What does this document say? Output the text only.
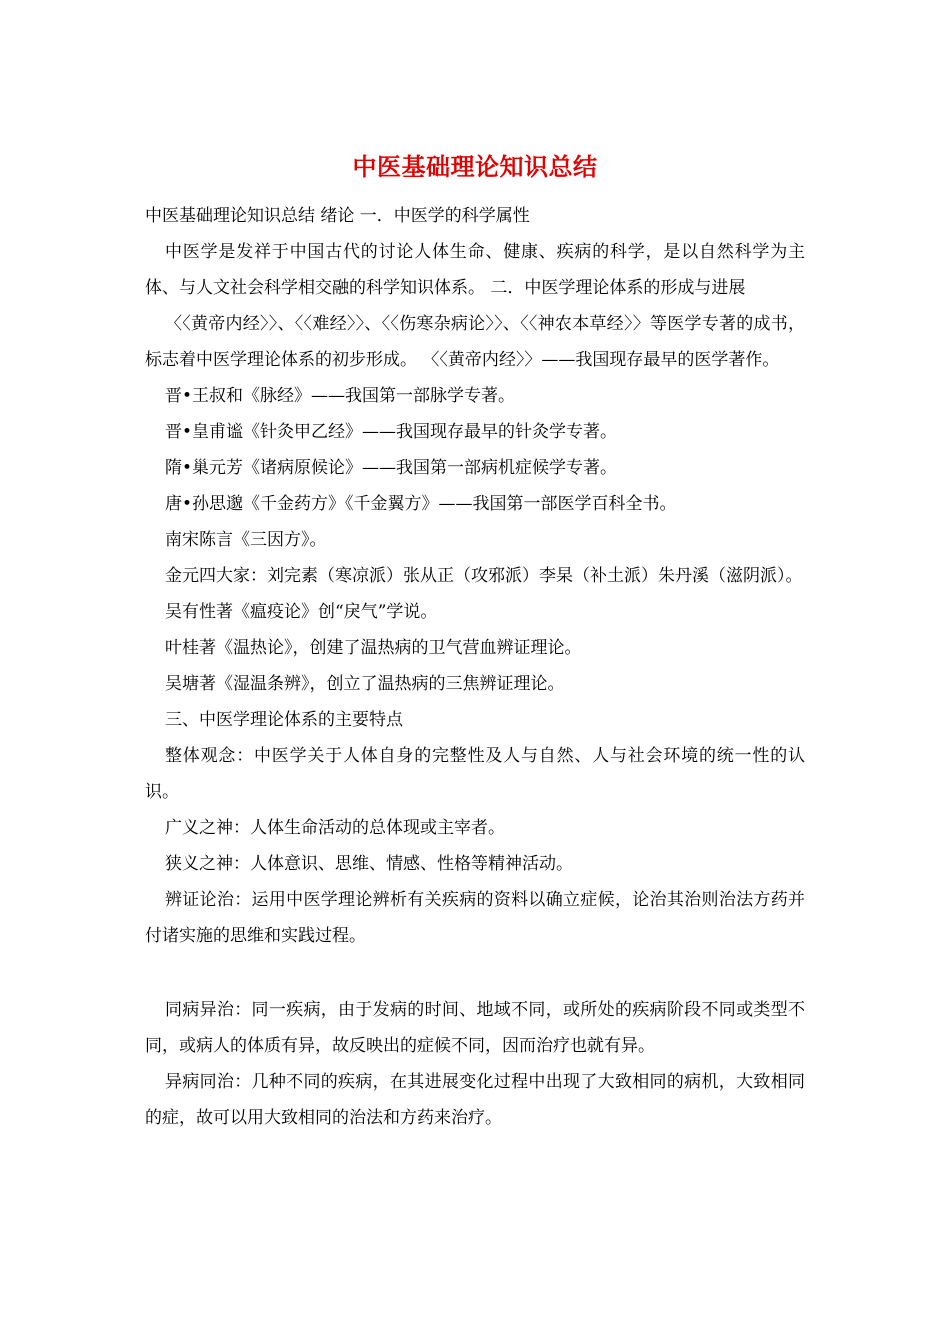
中医基础理论知识总结

中医基础理论知识总结 绪论 一．中医学的科学属性

中医学是发祥于中国古代的讨论人体生命、健康、疾病的科学，是以自然科学为主体、与人文社会科学相交融的科学知识体系。 二．中医学理论体系的形成与进展

〈〈黄帝内经〉〉、〈〈难经〉〉、〈〈伤寒杂病论〉〉、〈〈神农本草经〉〉等医学专著的成书，标志着中医学理论体系的初步形成。 〈〈黄帝内经〉〉——我国现存最早的医学著作。

晋•王叔和《脉经》——我国第一部脉学专著。

晋•皇甫谧《针灸甲乙经》——我国现存最早的针灸学专著。

隋•巢元芳《诸病原候论》——我国第一部病机症候学专著。

唐•孙思邈《千金药方》《千金翼方》——我国第一部医学百科全书。

南宋陈言《三因方》。

金元四大家：刘完素（寒凉派）张从正（攻邪派）李杲（补土派）朱丹溪（滋阴派）。

吴有性著《瘟疫论》创“戾气”学说。

叶桂著《温热论》，创建了温热病的卫气营血辨证理论。

吴塘著《湿温条辨》，创立了温热病的三焦辨证理论。

三、中医学理论体系的主要特点

整体观念：中医学关于人体自身的完整性及人与自然、人与社会环境的统一性的认识。

广义之神：人体生命活动的总体现或主宰者。

狭义之神：人体意识、思维、情感、性格等精神活动。

辨证论治：运用中医学理论辨析有关疾病的资料以确立症候，论治其治则治法方药并付诸实施的思维和实践过程。

同病异治：同一疾病，由于发病的时间、地域不同，或所处的疾病阶段不同或类型不同，或病人的体质有异，故反映出的症候不同，因而治疗也就有异。

异病同治：几种不同的疾病，在其进展变化过程中出现了大致相同的病机，大致相同的症，故可以用大致相同的治法和方药来治疗。
